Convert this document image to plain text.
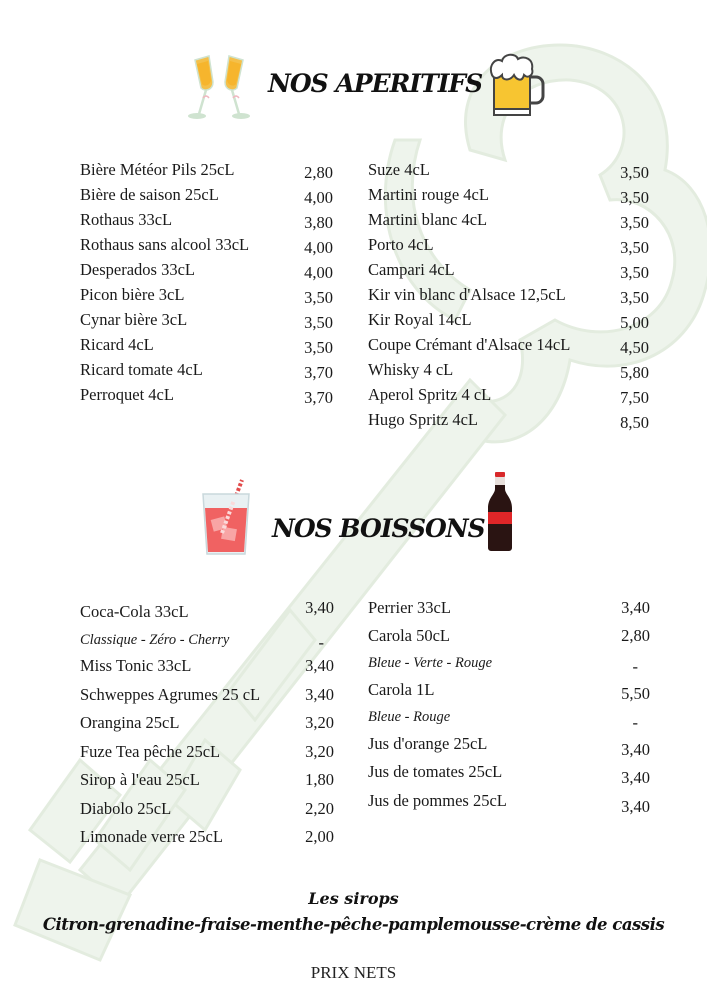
NOS APERITIFS
Bière Météor Pils 25cL	2,80
Bière de saison 25cL	4,00
Rothaus 33cL	3,80
Rothaus sans alcool 33cL	4,00
Desperados 33cL	4,00
Picon bière 3cL	3,50
Cynar bière 3cL	3,50
Ricard 4cL	3,50
Ricard tomate 4cL	3,70
Perroquet 4cL	3,70
Suze 4cL	3,50
Martini rouge 4cL	3,50
Martini blanc 4cL	3,50
Porto 4cL	3,50
Campari 4cL	3,50
Kir vin blanc d'Alsace 12,5cL	3,50
Kir Royal 14cL	5,00
Coupe Crémant d'Alsace 14cL	4,50
Whisky 4 cL	5,80
Aperol Spritz 4 cL	7,50
Hugo Spritz 4cL	8,50
NOS BOISSONS
Coca-Cola 33cL	3,40
Classique - Zéro - Cherry	-
Miss Tonic 33cL	3,40
Schweppes Agrumes 25 cL	3,40
Orangina 25cL	3,20
Fuze Tea pêche 25cL	3,20
Sirop à l'eau 25cL	1,80
Diabolo 25cL	2,20
Limonade verre 25cL	2,00
Perrier 33cL	3,40
Carola 50cL	2,80
Bleue - Verte - Rouge	-
Carola 1L	5,50
Bleue - Rouge	-
Jus d'orange 25cL	3,40
Jus de tomates 25cL	3,40
Jus de pommes 25cL	3,40
Les sirops
Citron-grenadine-fraise-menthe-pêche-pamplemousse-crème de cassis
PRIX NETS
